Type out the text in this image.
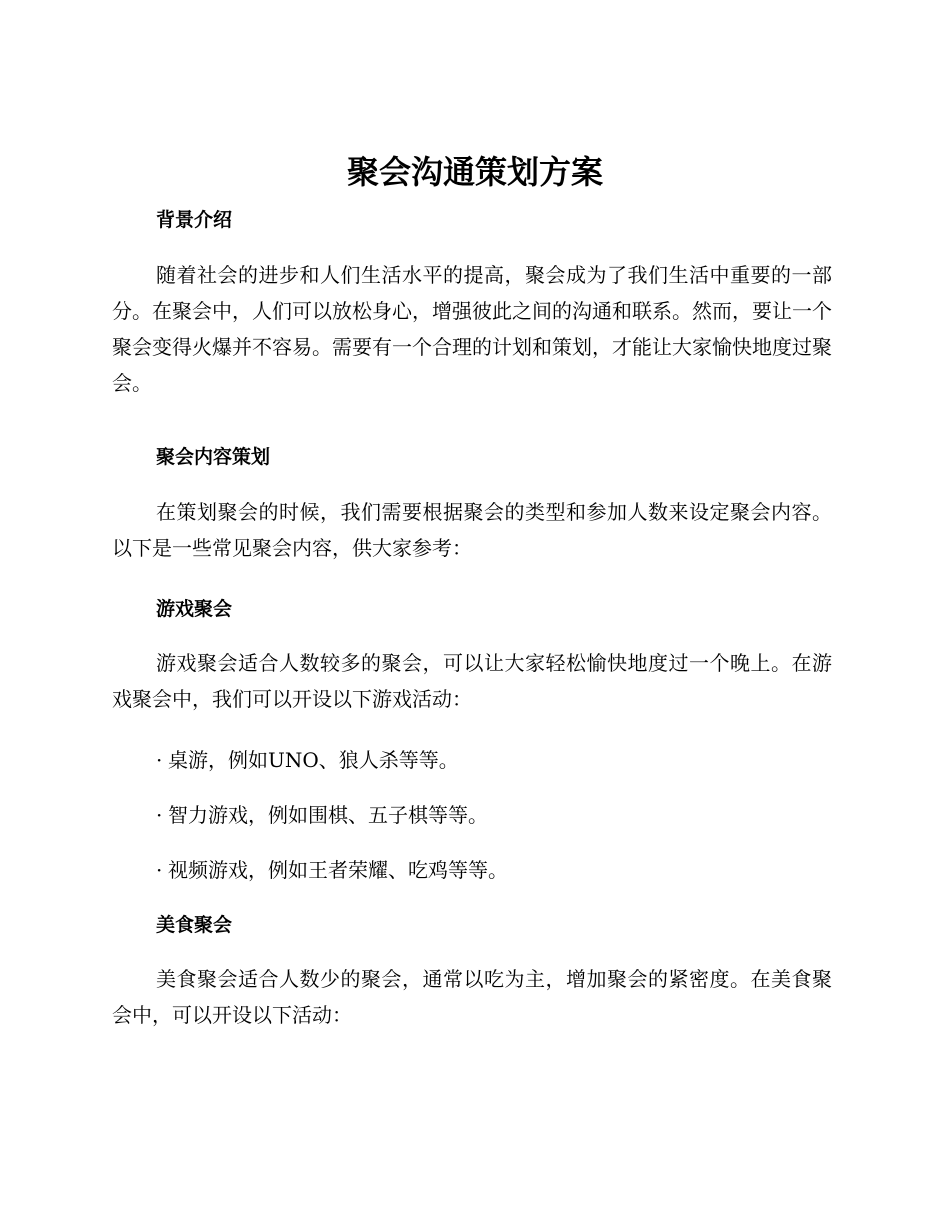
聚会沟通策划方案
背景介绍

随着社会的进步和人们生活水平的提高，聚会成为了我们生活中重要的一部分。在聚会中，人们可以放松身心，增强彼此之间的沟通和联系。然而，要让一个聚会变得火爆并不容易。需要有一个合理的计划和策划，才能让大家愉快地度过聚会。

聚会内容策划

在策划聚会的时候，我们需要根据聚会的类型和参加人数来设定聚会内容。以下是一些常见聚会内容，供大家参考：

游戏聚会

游戏聚会适合人数较多的聚会，可以让大家轻松愉快地度过一个晚上。在游戏聚会中，我们可以开设以下游戏活动：

· 桌游，例如UNO、狼人杀等等。
· 智力游戏，例如围棋、五子棋等等。
· 视频游戏，例如王者荣耀、吃鸡等等。
美食聚会

美食聚会适合人数少的聚会，通常以吃为主，增加聚会的紧密度。在美食聚会中，可以开设以下活动：
